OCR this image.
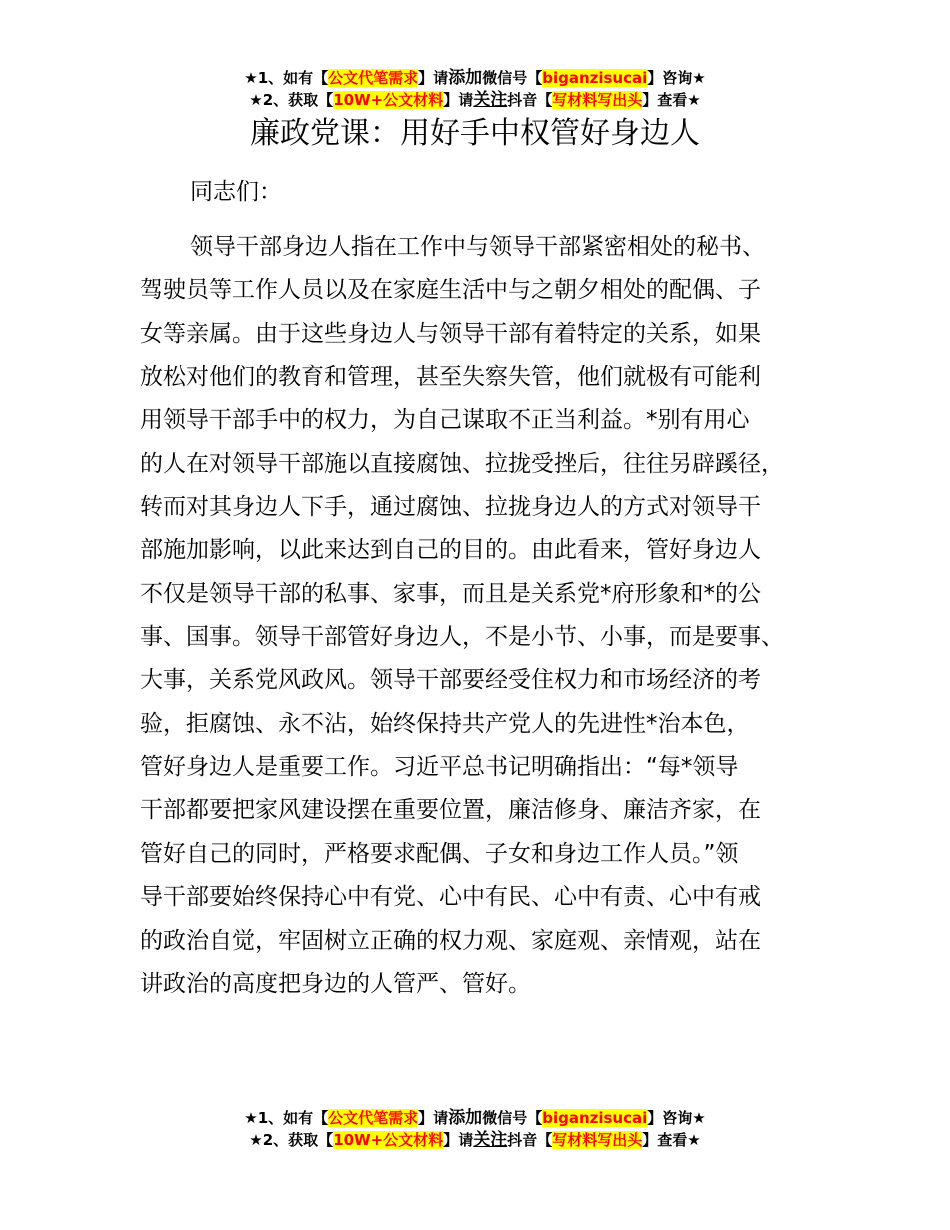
★1、如有【公文代笔需求】请添加微信号【biganzisucai】咨询★
★2、获取【10W+公文材料】请关注抖音【写材料写出头】查看★
廉政党课：用好手中权管好身边人
同志们：
领导干部身边人指在工作中与领导干部紧密相处的秘书、
驾驶员等工作人员以及在家庭生活中与之朝夕相处的配偶、子
女等亲属。由于这些身边人与领导干部有着特定的关系，如果
放松对他们的教育和管理，甚至失察失管，他们就极有可能利
用领导干部手中的权力，为自己谋取不正当利益。*别有用心
的人在对领导干部施以直接腐蚀、拉拢受挫后，往往另辟蹊径，
转而对其身边人下手，通过腐蚀、拉拢身边人的方式对领导干
部施加影响，以此来达到自己的目的。由此看来，管好身边人
不仅是领导干部的私事、家事，而且是关系党*府形象和*的公
事、国事。领导干部管好身边人，不是小节、小事，而是要事、
大事，关系党风政风。领导干部要经受住权力和市场经济的考
验，拒腐蚀、永不沾，始终保持共产党人的先进性*治本色，
管好身边人是重要工作。习近平总书记明确指出：“每*领导
干部都要把家风建设摆在重要位置，廉洁修身、廉洁齐家，在
管好自己的同时，严格要求配偶、子女和身边工作人员。”领
导干部要始终保持心中有党、心中有民、心中有责、心中有戒
的政治自觉，牢固树立正确的权力观、家庭观、亲情观，站在
讲政治的高度把身边的人管严、管好。
★1、如有【公文代笔需求】请添加微信号【biganzisucai】咨询★
★2、获取【10W+公文材料】请关注抖音【写材料写出头】查看★
